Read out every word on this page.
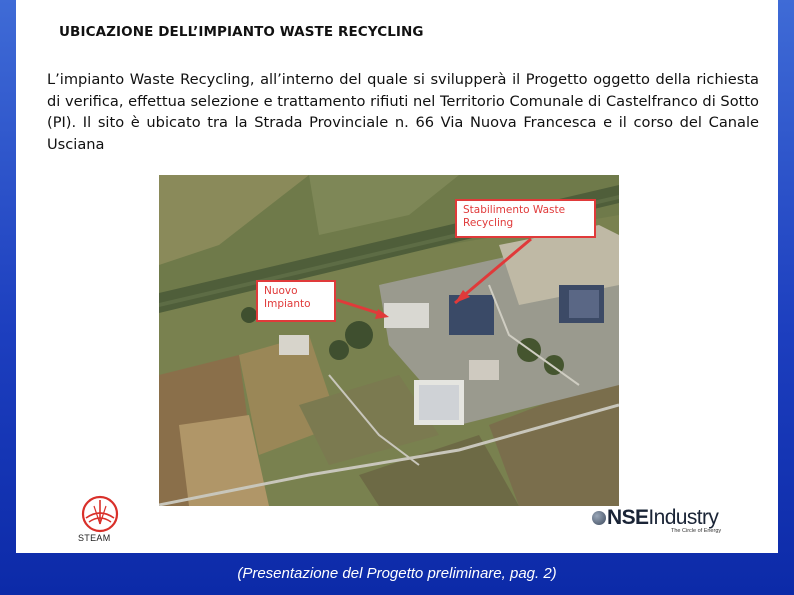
UBICAZIONE DELL’IMPIANTO WASTE RECYCLING
L’impianto Waste Recycling, all’interno del quale si svilupperà il Progetto oggetto della richiesta di verifica, effettua selezione e trattamento rifiuti nel Territorio Comunale di Castelfranco di Sotto (PI). Il sito è ubicato tra la Strada Provinciale n. 66 Via Nuova Francesca e il corso del Canale Usciana
Stabilimento Waste Recycling
Nuovo Impianto
STEAM
NSEIndustry
The Circle of Energy
(Presentazione del Progetto preliminare, pag. 2)
